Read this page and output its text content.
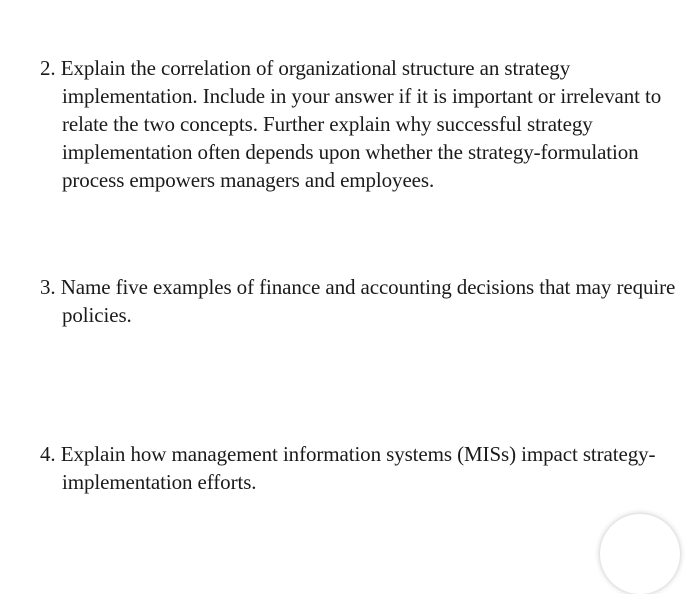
2. Explain the correlation of organizational structure an strategy implementation. Include in your answer if it is important or irrelevant to relate the two concepts. Further explain why successful strategy implementation often depends upon whether the strategy-formulation process empowers managers and employees.

3. Name five examples of finance and accounting decisions that may require policies.

4. Explain how management information systems (MISs) impact strategy-implementation efforts.
